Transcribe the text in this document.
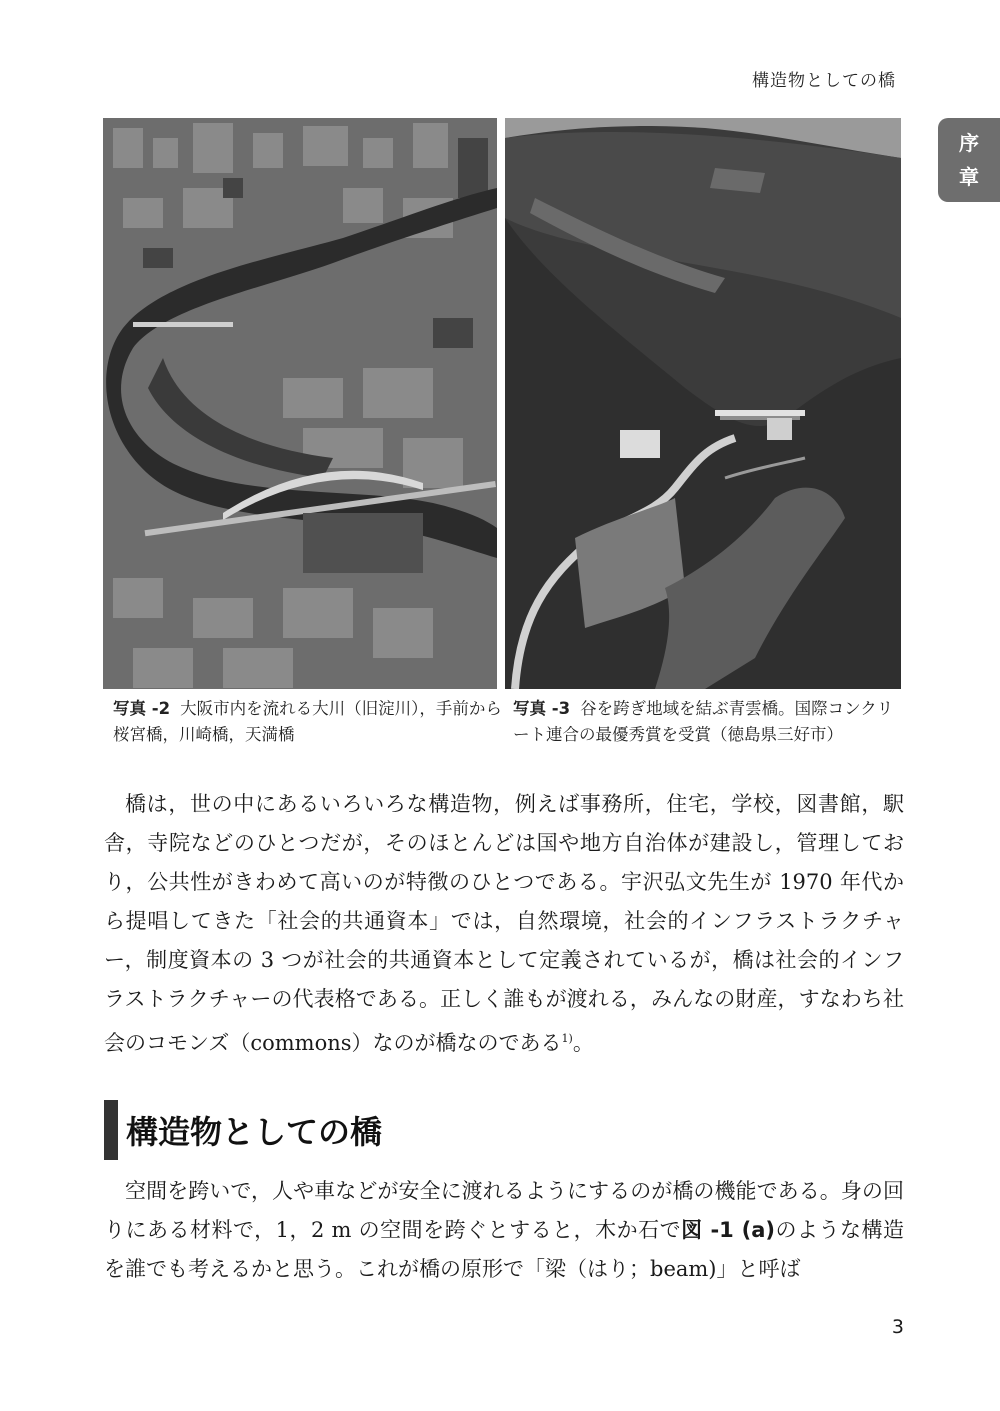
構造物としての橋
序
章
写真 -2 大阪市内を流れる大川（旧淀川），手前から桜宮橋，川崎橋，天満橋
写真 -3 谷を跨ぎ地域を結ぶ青雲橋。国際コンクリート連合の最優秀賞を受賞（徳島県三好市）

橋は，世の中にあるいろいろな構造物，例えば事務所，住宅，学校，図書館，駅舎，寺院などのひとつだが，そのほとんどは国や地方自治体が建設し，管理しており，公共性がきわめて高いのが特徴のひとつである。宇沢弘文先生が 1970 年代から提唱してきた「社会的共通資本」では，自然環境，社会的インフラストラクチャー，制度資本の 3 つが社会的共通資本として定義されているが，橋は社会的インフラストラクチャーの代表格である。正しく誰もが渡れる，みんなの財産，すなわち社会のコモンズ（commons）なのが橋なのである$^{1)}$。

構造物としての橋

空間を跨いで，人や車などが安全に渡れるようにするのが橋の機能である。身の回りにある材料で，1，2 m の空間を跨ぐとすると，木か石で図 -1 (a)のような構造を誰でも考えるかと思う。これが橋の原形で「梁（はり；beam)」と呼ば

3
